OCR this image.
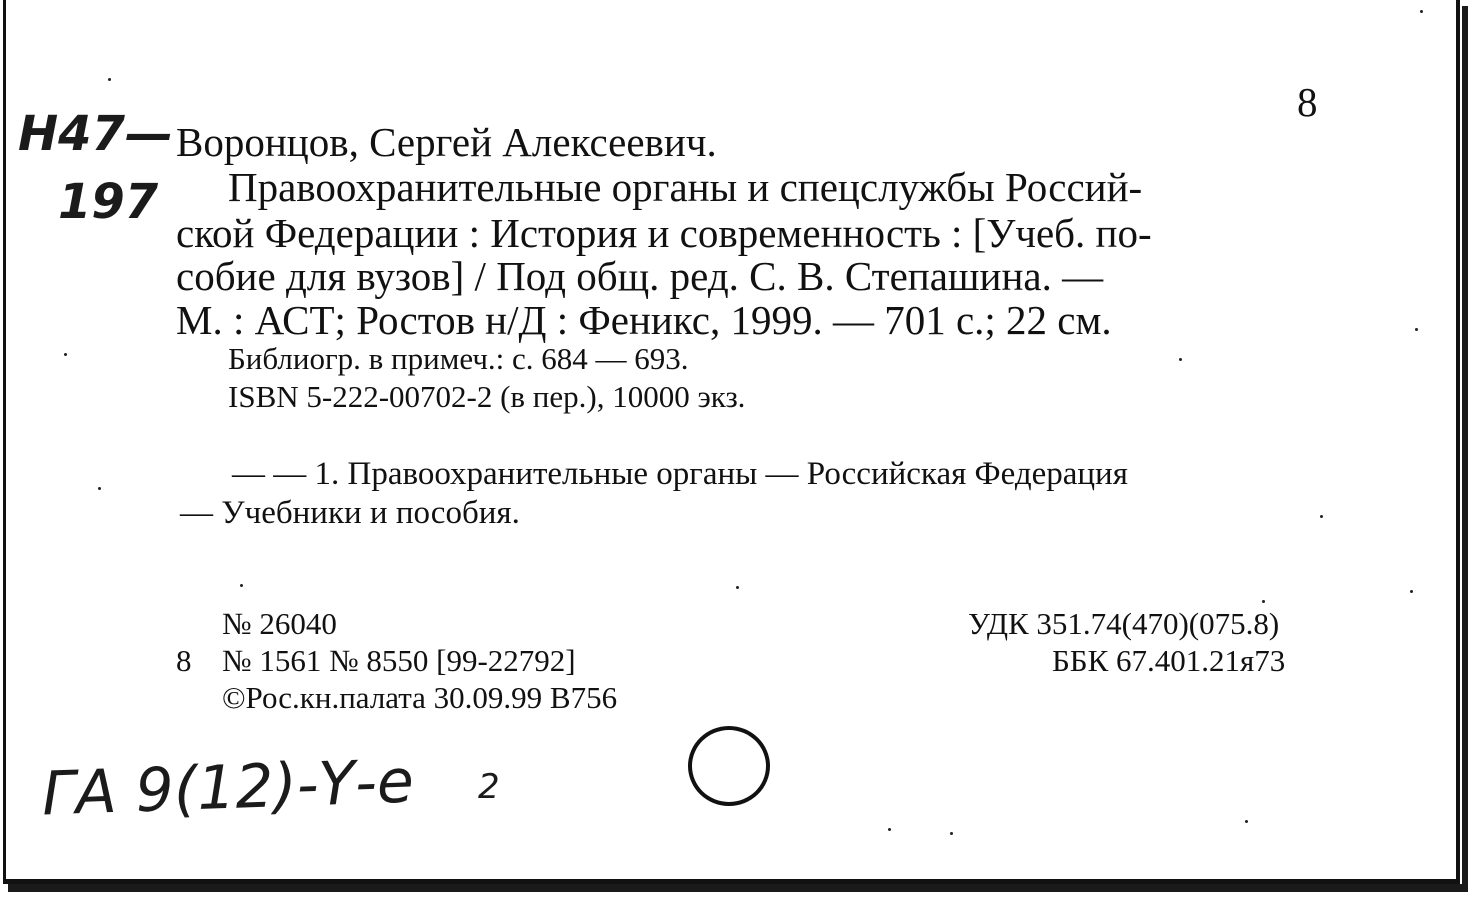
8
Н47—
197
Воронцов, Сергей Алексеевич.
Правоохранительные органы и спецслужбы Россий-
ской Федерации : История и современность : [Учеб. по-
собие для вузов] / Под общ. ред. С. В. Степашина. —
М. : АСТ; Ростов н/Д : Феникс, 1999. — 701 с.; 22 см.
Библиогр. в примеч.: с. 684 — 693.
ISBN 5-222-00702-2 (в пер.), 10000 экз.
— — 1. Правоохранительные органы — Российская Федерация
— Учебники и пособия.
№ 26040
8 № 1561 № 8550 [99-22792]
©Рос.кн.палата 30.09.99 В756
УДК 351.74(470)(075.8)
ББК 67.401.21я73
ГА 9(12)-Ү-е 2
